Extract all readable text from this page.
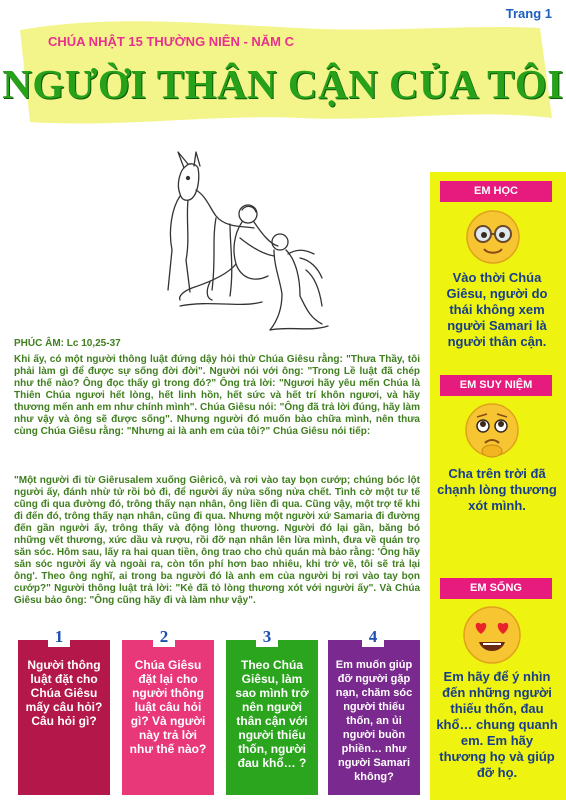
Trang 1
CHÚA NHẬT 15 THƯỜNG NIÊN - NĂM C
NGƯỜI THÂN CẬN CỦA TÔI
PHÚC ÂM: Lc 10,25-37

Khi ấy, có một người thông luật đứng dậy hỏi thử Chúa Giêsu rằng: "Thưa Thầy, tôi phải làm gì để được sự sống đời đời". Người nói với ông: "Trong Lề luật đã chép như thế nào? Ông đọc thấy gì trong đó?" Ông trả lời: "Ngươi hãy yêu mến Chúa là Thiên Chúa ngươi hết lòng, hết linh hồn, hết sức và hết trí khôn ngươi, và hãy thương mến anh em như chính mình". Chúa Giêsu nói: "Ông đã trả lời đúng, hãy làm như vậy và ông sẽ được sống". Nhưng người đó muốn bào chữa mình, nên thưa cùng Chúa Giêsu rằng: "Nhưng ai là anh em của tôi?" Chúa Giêsu nói tiếp:

"Một người đi từ Giêrusalem xuống Giêricô, và rơi vào tay bọn cướp; chúng bóc lột người ấy, đánh nhừ tử rồi bỏ đi, để người ấy nửa sống nửa chết. Tình cờ một tư tế cũng đi qua đường đó, trông thấy nạn nhân, ông liền đi qua. Cũng vậy, một trợ tế khi đi đến đó, trông thấy nạn nhân, cũng đi qua. Nhưng một người xứ Samaria đi đường đến gần người ấy, trông thấy và động lòng thương. Người đó lại gần, băng bó những vết thương, xức dầu và rượu, rồi đỡ nạn nhân lên lừa mình, đưa về quán trọ săn sóc. Hôm sau, lấy ra hai quan tiền, ông trao cho chủ quán mà bảo rằng: 'Ông hãy săn sóc người ấy và ngoài ra, còn tốn phí hơn bao nhiêu, khi trở về, tôi sẽ trả lại ông'. Theo ông nghĩ, ai trong ba người đó là anh em của người bị rơi vào tay bọn cướp?" Người thông luật trả lời: "Kẻ đã tỏ lòng thương xót với người ấy". Và Chúa Giêsu bảo ông: "Ông cũng hãy đi và làm như vậy".

EM HỌC
Vào thời Chúa Giêsu, người do thái không xem người Samari là người thân cận.
EM SUY NIỆM
Cha trên trời đã chạnh lòng thương xót mình.
EM SỐNG
Em hãy để ý nhìn đến những người thiếu thốn, đau khổ… chung quanh em. Em hãy thương họ và giúp đỡ họ.
Người thông luật đặt cho Chúa Giêsu mấy câu hỏi? Câu hỏi gì?
1
Chúa Giêsu đặt lại cho người thông luật câu hỏi gì? Và người này trả lời như thế nào?
2
Theo Chúa Giêsu, làm sao mình trở nên người thân cận với người thiếu thốn, người đau khổ… ?
3
Em muốn giúp đỡ người gặp nạn, chăm sóc người thiếu thốn, an ủi người buồn phiền… như người Samari không?
4
